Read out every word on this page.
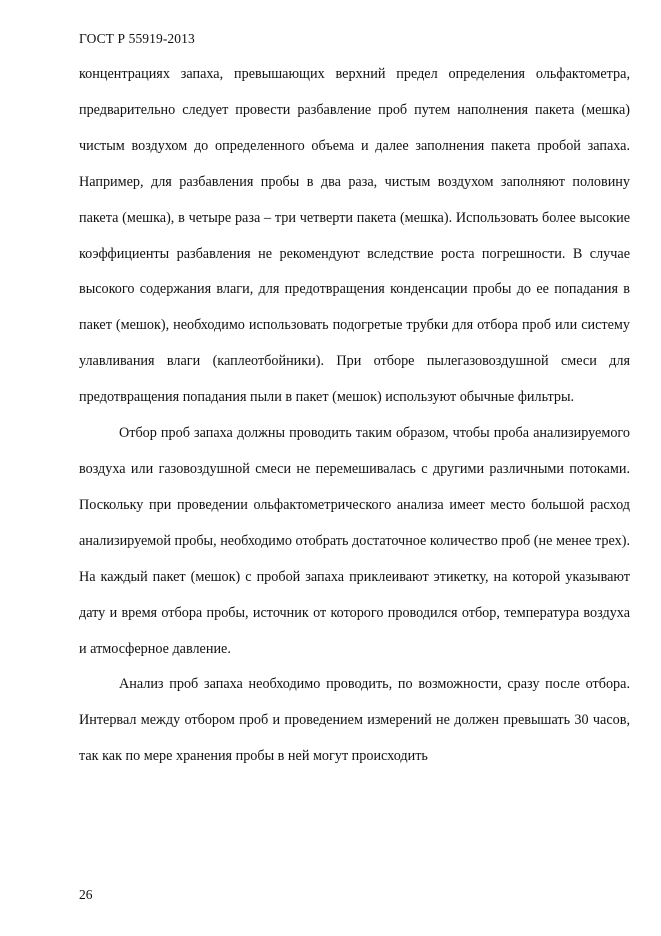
ГОСТ Р 55919-2013

концентрациях запаха, превышающих верхний предел определения ольфактометра, предварительно следует провести разбавление проб путем наполнения пакета (мешка) чистым воздухом до определенного объема и далее заполнения пакета пробой запаха. Например, для разбавления пробы в два раза, чистым воздухом заполняют половину пакета (мешка), в четыре раза – три четверти пакета (мешка). Использовать более высокие коэффициенты разбавления не рекомендуют вследствие роста погрешности. В случае высокого содержания влаги, для предотвращения конденсации пробы до ее попадания в пакет (мешок), необходимо использовать подогретые трубки для отбора проб или систему улавливания влаги (каплеотбойники). При отборе пылегазовоздушной смеси для предотвращения попадания пыли в пакет (мешок) используют обычные фильтры.

Отбор проб запаха должны проводить таким образом, чтобы проба анализируемого воздуха или газовоздушной смеси не перемешивалась с другими различными потоками. Поскольку при проведении ольфактометрического анализа имеет место большой расход анализируемой пробы, необходимо отобрать достаточное количество проб (не менее трех). На каждый пакет (мешок) с пробой запаха приклеивают этикетку, на которой указывают дату и время отбора пробы, источник от которого проводился отбор, температура воздуха и атмосферное давление.

Анализ проб запаха необходимо проводить, по возможности, сразу после отбора. Интервал между отбором проб и проведением измерений не должен превышать 30 часов, так как по мере хранения пробы в ней могут происходить

26
